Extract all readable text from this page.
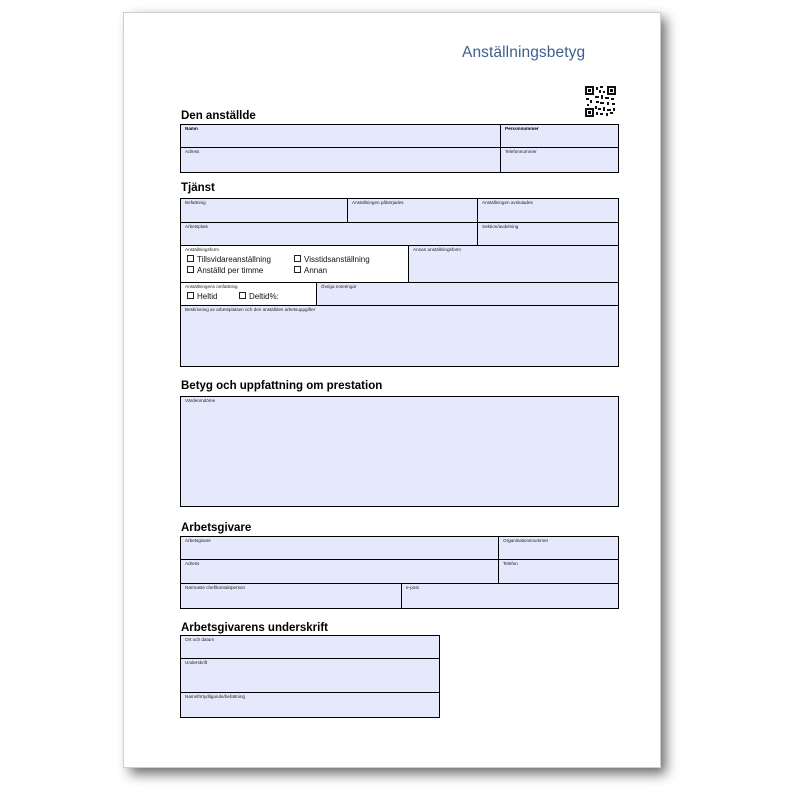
Anställningsbetyg
Den anställde
Namn	Personnummer
Adress	Telefonnummer
Tjänst
Befattning	Anställningen påbörjades	Anställningen avslutades
Arbetsplats	Sektion/avdelning
Anställningsform
Tillsvidareanställning	Visstidsanställning
Anställd per timme	Annan
Annan anställningsform
Anställningens omfattning
Heltid	Deltid%:
Övriga noteringar
Beskrivning av arbetsplatsen och den anställdes arbetsuppgifter
Betyg och uppfattning om prestation
Värdeomdöme
Arbetsgivare
Arbetsgivare	Organisationsnummer
Adress	Telefon
Närmaste chef/kontaktperson	e-post
Arbetsgivarens underskrift
Ort och datum
Underskrift
Namnförtydligande/befattning
